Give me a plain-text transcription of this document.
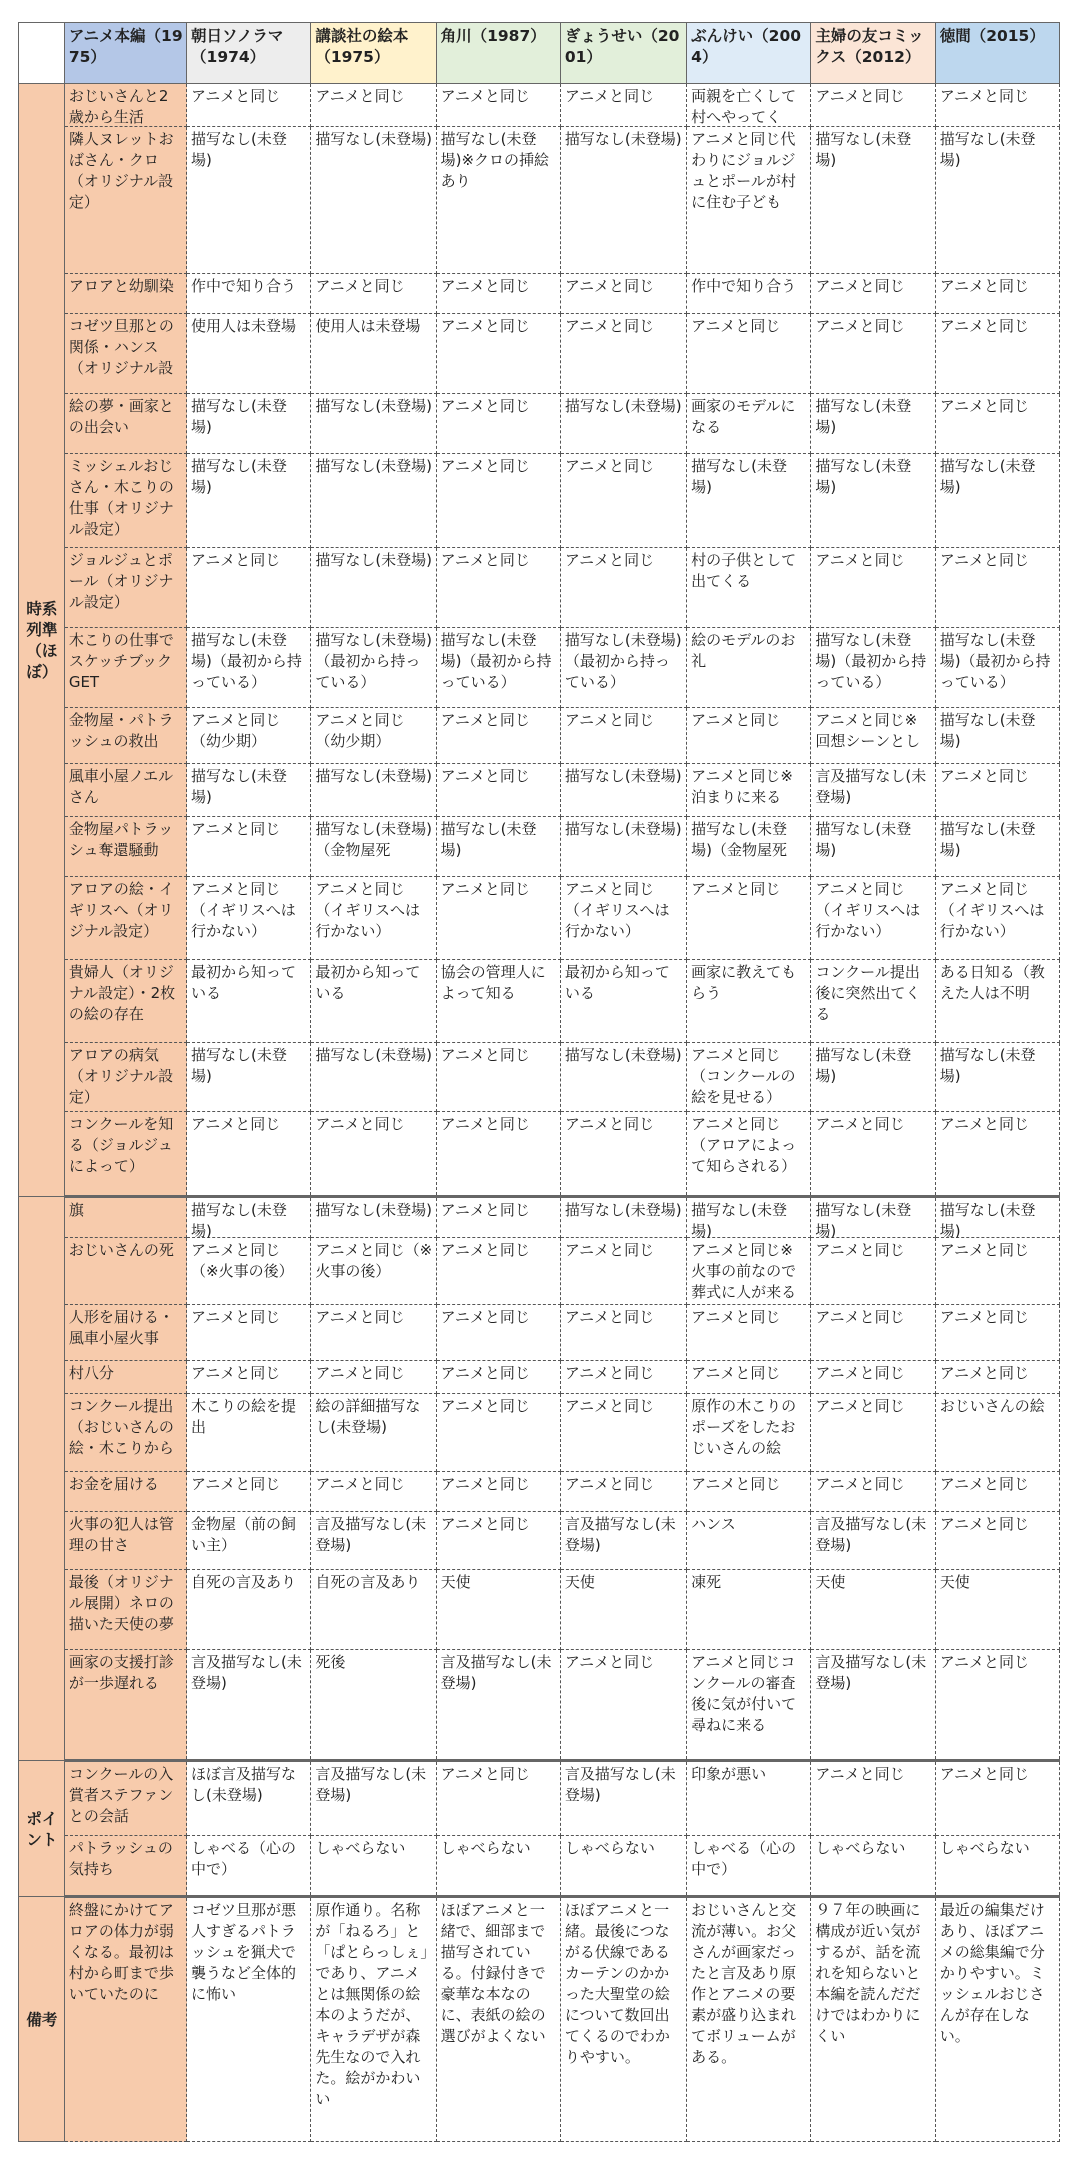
	アニメ本編（1975）	朝日ソノラマ（1974）	講談社の絵本（1975）	角川（1987）	ぎょうせい（2001）	ぶんけい（2004）	主婦の友コミックス（2012）	徳間（2015）
時系列準（ほぼ）	おじいさんと2歳から生活	アニメと同じ	アニメと同じ	アニメと同じ	アニメと同じ	両親を亡くして村へやってく	アニメと同じ	アニメと同じ

	隣人ヌレットおばさん・クロ（オリジナル設定）	描写なし(未登場)	描写なし(未登場)	描写なし(未登場)※クロの挿絵あり	描写なし(未登場)	アニメと同じ代わりにジョルジュとポールが村に住む子ども	描写なし(未登場)	描写なし(未登場)

	アロアと幼馴染	作中で知り合う	アニメと同じ	アニメと同じ	アニメと同じ	作中で知り合う	アニメと同じ	アニメと同じ

	コゼツ旦那との関係・ハンス（オリジナル設	使用人は未登場	使用人は未登場	アニメと同じ	アニメと同じ	アニメと同じ	アニメと同じ	アニメと同じ

	絵の夢・画家との出会い	描写なし(未登場)	描写なし(未登場)	アニメと同じ	描写なし(未登場)	画家のモデルになる	描写なし(未登場)	アニメと同じ

	ミッシェルおじさん・木こりの仕事（オリジナル設定）	描写なし(未登場)	描写なし(未登場)	アニメと同じ	アニメと同じ	描写なし(未登場)	描写なし(未登場)	描写なし(未登場)

	ジョルジュとポール（オリジナル設定）	アニメと同じ	描写なし(未登場)	アニメと同じ	アニメと同じ	村の子供として出てくる	アニメと同じ	アニメと同じ

	木こりの仕事でスケッチブックGET	描写なし(未登場)（最初から持っている）	描写なし(未登場)（最初から持っている）	描写なし(未登場)（最初から持っている）	描写なし(未登場)（最初から持っている）	絵のモデルのお礼	描写なし(未登場)（最初から持っている）	描写なし(未登場)（最初から持っている）

	金物屋・パトラッシュの救出	アニメと同じ（幼少期）	アニメと同じ（幼少期）	アニメと同じ	アニメと同じ	アニメと同じ	アニメと同じ※回想シーンとし	描写なし(未登場)

	風車小屋ノエルさん	描写なし(未登場)	描写なし(未登場)	アニメと同じ	描写なし(未登場)	アニメと同じ※泊まりに来る	言及描写なし(未登場)	アニメと同じ

	金物屋パトラッシュ奪還騒動	アニメと同じ	描写なし(未登場)（金物屋死	描写なし(未登場)	描写なし(未登場)	描写なし(未登場)（金物屋死	描写なし(未登場)	描写なし(未登場)

	アロアの絵・イギリスへ（オリジナル設定）	アニメと同じ（イギリスへは行かない）	アニメと同じ（イギリスへは行かない）	アニメと同じ	アニメと同じ（イギリスへは行かない）	アニメと同じ	アニメと同じ（イギリスへは行かない）	アニメと同じ（イギリスへは行かない）

	貴婦人（オリジナル設定）・2枚の絵の存在	最初から知っている	最初から知っている	協会の管理人によって知る	最初から知っている	画家に教えてもらう	コンクール提出後に突然出てくる	ある日知る（教えた人は不明

	アロアの病気（オリジナル設定）	描写なし(未登場)	描写なし(未登場)	アニメと同じ	描写なし(未登場)	アニメと同じ（コンクールの絵を見せる）	描写なし(未登場)	描写なし(未登場)

	コンクールを知る（ジョルジュによって）	アニメと同じ	アニメと同じ	アニメと同じ	アニメと同じ	アニメと同じ（アロアによって知らされる）	アニメと同じ	アニメと同じ

	旗	描写なし(未登場)	描写なし(未登場)	アニメと同じ	描写なし(未登場)	描写なし(未登場)	描写なし(未登場)	描写なし(未登場)

	おじいさんの死	アニメと同じ（※火事の後）	アニメと同じ（※火事の後）	アニメと同じ	アニメと同じ	アニメと同じ※火事の前なので葬式に人が来る	アニメと同じ	アニメと同じ

	人形を届ける・風車小屋火事	アニメと同じ	アニメと同じ	アニメと同じ	アニメと同じ	アニメと同じ	アニメと同じ	アニメと同じ

	村八分	アニメと同じ	アニメと同じ	アニメと同じ	アニメと同じ	アニメと同じ	アニメと同じ	アニメと同じ

	コンクール提出（おじいさんの絵・木こりから	木こりの絵を提出	絵の詳細描写なし(未登場)	アニメと同じ	アニメと同じ	原作の木こりのポーズをしたおじいさんの絵	アニメと同じ	おじいさんの絵

	お金を届ける	アニメと同じ	アニメと同じ	アニメと同じ	アニメと同じ	アニメと同じ	アニメと同じ	アニメと同じ

	火事の犯人は管理の甘さ	金物屋（前の飼い主）	言及描写なし(未登場)	アニメと同じ	言及描写なし(未登場)	ハンス	言及描写なし(未登場)	アニメと同じ

	最後（オリジナル展開）ネロの描いた天使の夢	自死の言及あり	自死の言及あり	天使	天使	凍死	天使	天使

	画家の支援打診が一歩遅れる	言及描写なし(未登場)	死後	言及描写なし(未登場)	アニメと同じ	アニメと同じコンクールの審査後に気が付いて尋ねに来る	言及描写なし(未登場)	アニメと同じ

ポイント	コンクールの入賞者ステファンとの会話	ほぼ言及描写なし(未登場)	言及描写なし(未登場)	アニメと同じ	言及描写なし(未登場)	印象が悪い	アニメと同じ	アニメと同じ

	パトラッシュの気持ち	しゃべる（心の中で）	しゃべらない	しゃべらない	しゃべらない	しゃべる（心の中で）	しゃべらない	しゃべらない

備考	終盤にかけてアロアの体力が弱くなる。最初は村から町まで歩いていたのに	コゼツ旦那が悪人すぎるパトラッシュを猟犬で襲うなど全体的に怖い	原作通り。名称が「ねるろ」と「ぱとらっしぇ」であり、アニメとは無関係の絵本のようだが、キャラデザが森先生なので入れた。絵がかわいい	ほぼアニメと一緒で、細部まで描写されている。付録付きで豪華な本なのに、表紙の絵の選びがよくない	ほぼアニメと一緒。最後につながる伏線であるカーテンのかかった大聖堂の絵について数回出てくるのでわかりやすい。	おじいさんと交流が薄い。お父さんが画家だったと言及あり原作とアニメの要素が盛り込まれてボリュームがある。	９７年の映画に構成が近い気がするが、話を流れを知らないと本編を読んだだけではわかりにくい	最近の編集だけあり、ほぼアニメの総集編で分かりやすい。ミッシェルおじさんが存在しない。
